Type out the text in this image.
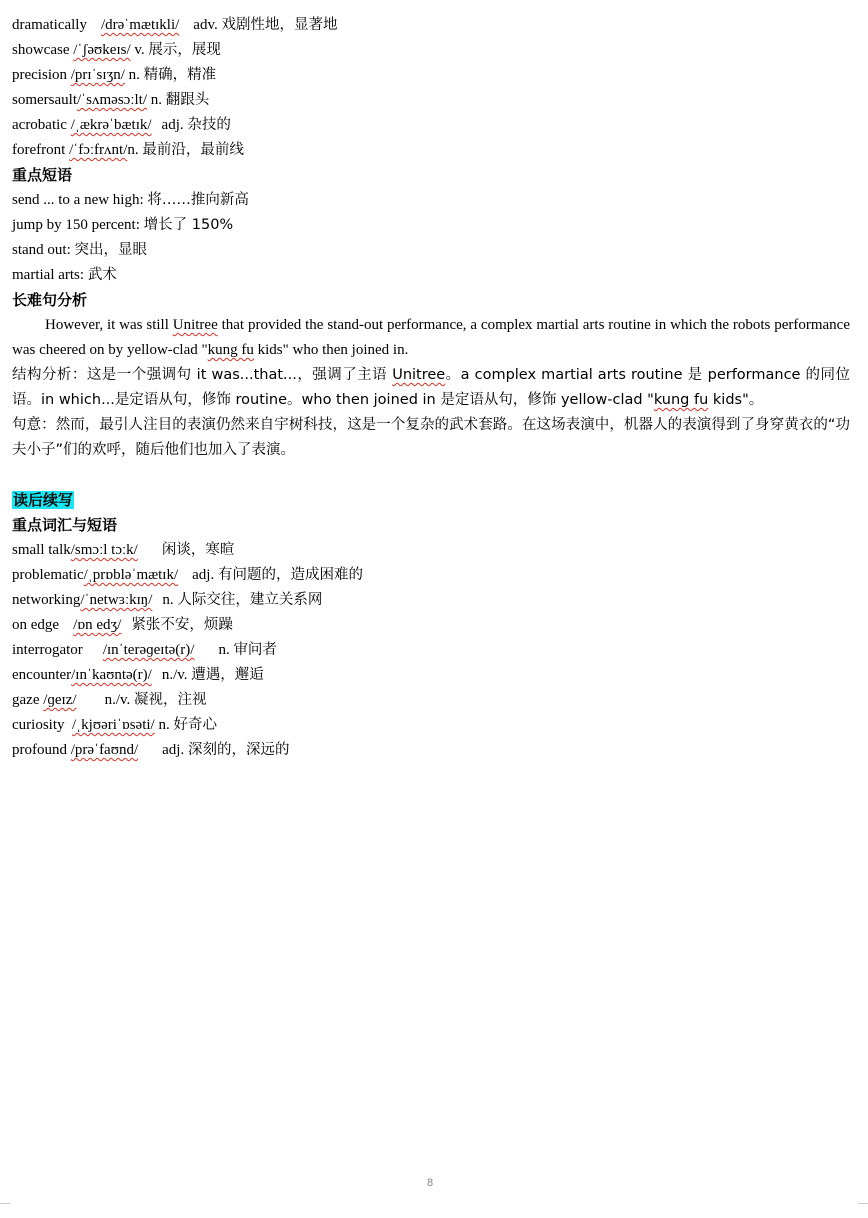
dramatically /drəˈmætɪkli/ adv. 戏剧性地，显著地
showcase /ˈʃəʊkeɪs/ v. 展示，展现
precision /prɪˈsɪʒn/ n. 精确，精准
somersault/ˈsʌməsɔːlt/ n. 翻跟头
acrobatic /ˌækrəˈbætɪk/ adj. 杂技的
forefront /ˈfɔːfrʌnt/n. 最前沿，最前线
重点短语
send ... to a new high: 将……推向新高
jump by 150 percent: 增长了 150%
stand out: 突出，显眼
martial arts: 武术
长难句分析
However, it was still Unitree that provided the stand-out performance, a complex martial arts routine in which the robots performance was cheered on by yellow-clad "kung fu kids" who then joined in.
结构分析：这是一个强调句 it was...that...，强调了主语 Unitree。a complex martial arts routine 是 performance 的同位语。in which...是定语从句，修饰 routine。who then joined in 是定语从句，修饰 yellow-clad "kung fu kids"。
句意：然而，最引人注目的表演仍然来自宇树科技，这是一个复杂的武术套路。在这场表演中，机器人的表演得到了身穿黄衣的“功夫小子”们的欢呼，随后他们也加入了表演。
读后续写
重点词汇与短语
small talk/smɔːl tɔːk/ 闲谈，寒暄
problematic/ˌprɒbləˈmætɪk/ adj. 有问题的，造成困难的
networking/ˈnetwɜːkɪŋ/ n. 人际交往，建立关系网
on edge /ɒn edʒ/ 紧张不安，烦躁
interrogator /ɪnˈterəɡeɪtə(r)/ n. 审问者
encounter/ɪnˈkaʊntə(r)/ n./v. 遭遇，邂逅
gaze /ɡeɪz/ n./v. 凝视，注视
curiosity /ˌkjʊəriˈɒsəti/ n. 好奇心
profound /prəˈfaʊnd/ adj. 深刻的，深远的
8
